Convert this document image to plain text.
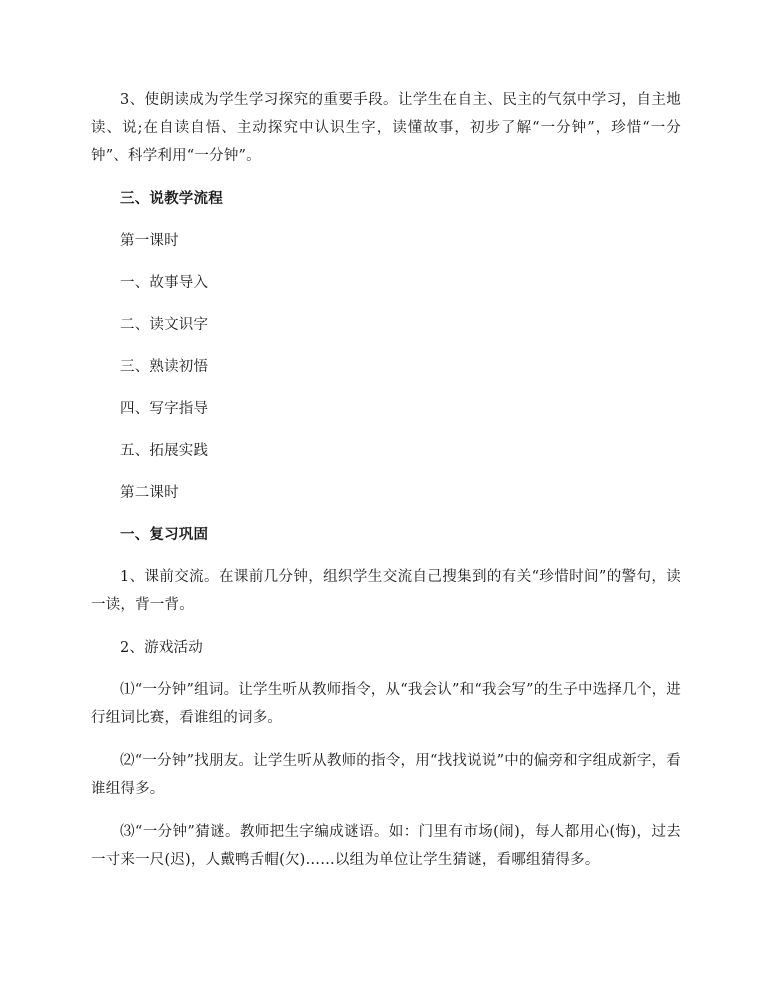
3、使朗读成为学生学习探究的重要手段。让学生在自主、民主的气氛中学习，自主地读、说;在自读自悟、主动探究中认识生字，读懂故事，初步了解“一分钟”，珍惜“一分钟”、科学利用“一分钟”。

三、说教学流程

第一课时

一、故事导入

二、读文识字

三、熟读初悟

四、写字指导

五、拓展实践

第二课时

一、复习巩固

1、课前交流。在课前几分钟，组织学生交流自己搜集到的有关“珍惜时间”的警句，读一读，背一背。

2、游戏活动

⑴“一分钟”组词。让学生听从教师指令，从“我会认”和“我会写”的生子中选择几个，进行组词比赛，看谁组的词多。

⑵“一分钟”找朋友。让学生听从教师的指令，用“找找说说”中的偏旁和字组成新字，看谁组得多。

⑶“一分钟”猜谜。教师把生字编成谜语。如：门里有市场(闹)，每人都用心(悔)，过去一寸来一尺(迟)，人戴鸭舌帽(欠)……以组为单位让学生猜谜，看哪组猜得多。
